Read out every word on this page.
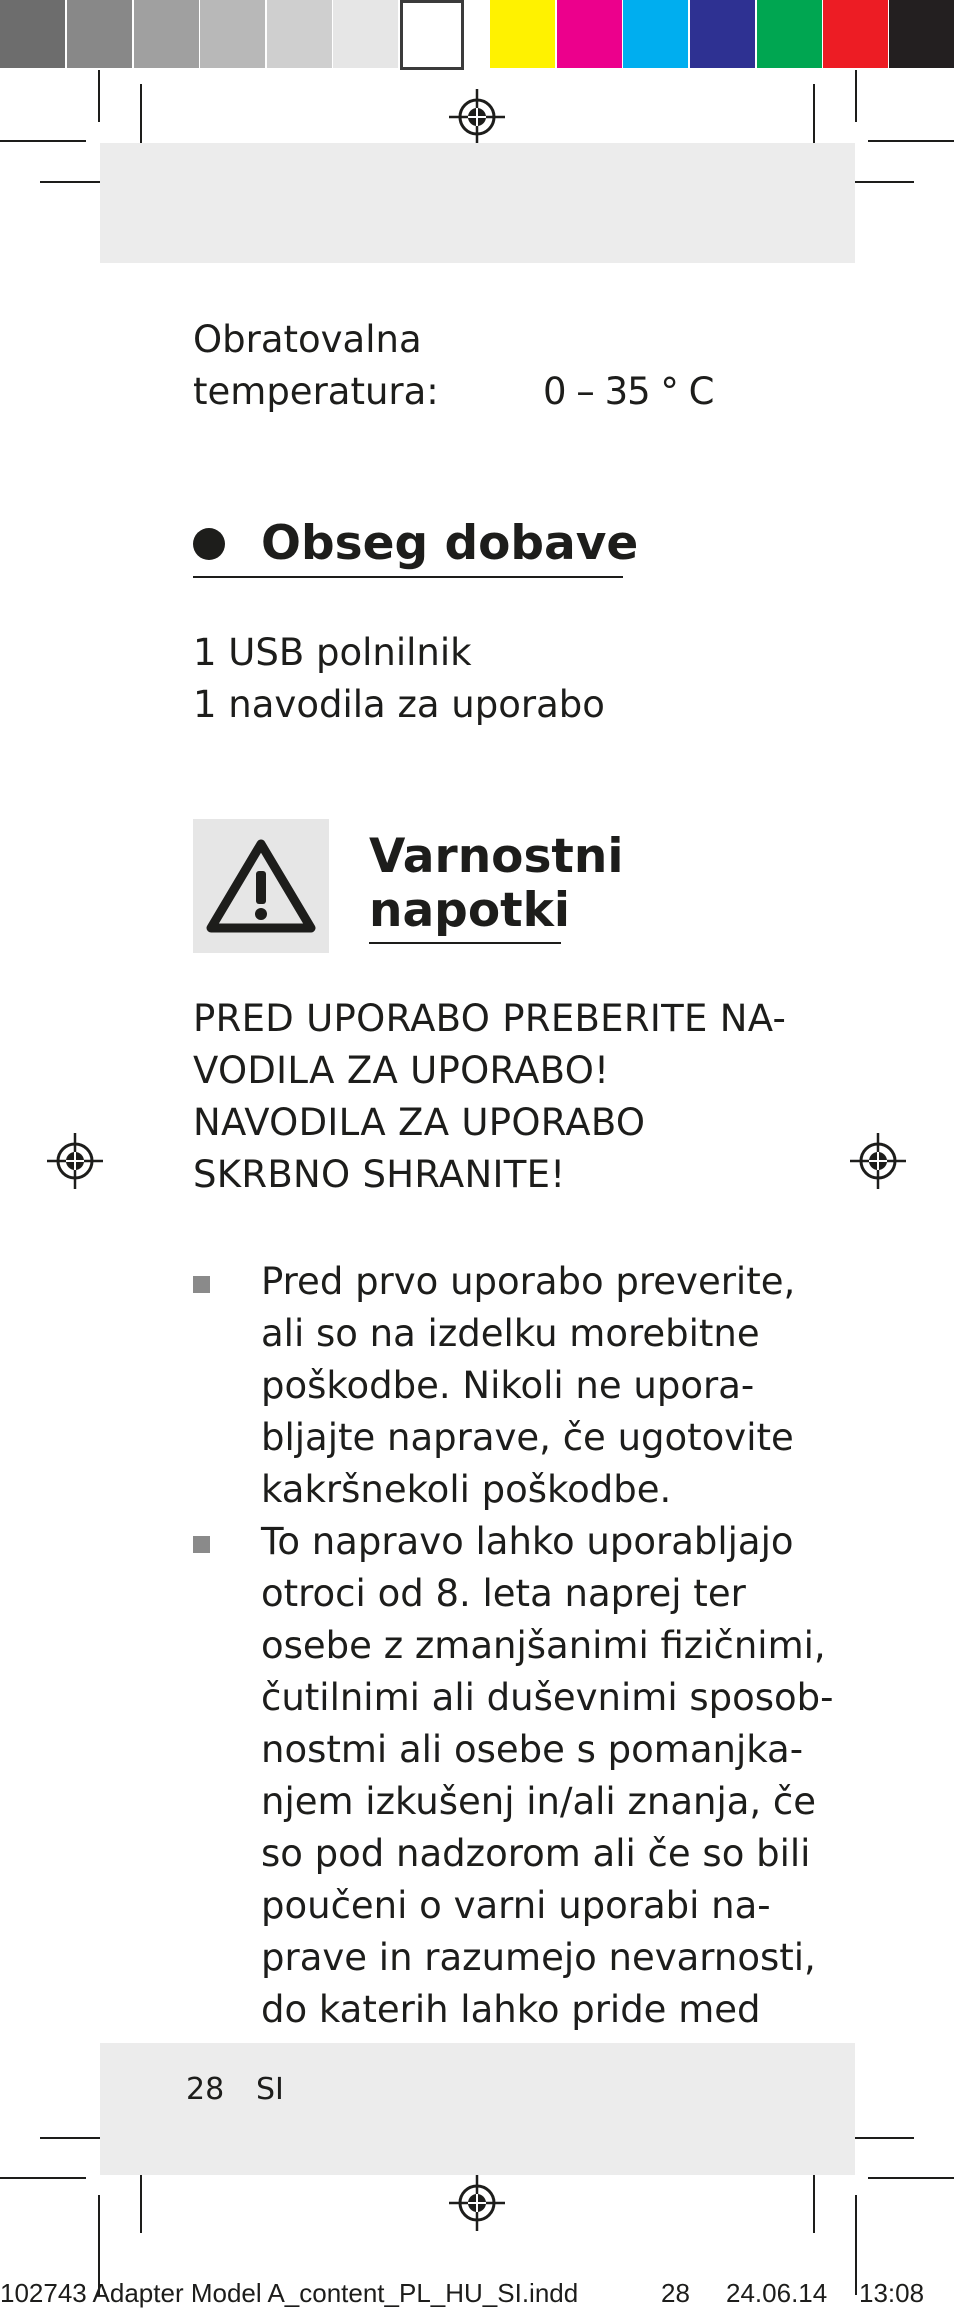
Obratovalna
temperatura:	0 – 35 ° C
Obseg dobave
1 USB polnilnik
1 navodila za uporabo
Varnostni
napotki
PRED UPORABO PREBERITE NA-
VODILA ZA UPORABO!
NAVODILA ZA UPORABO
SKRBNO SHRANITE!
Pred prvo uporabo preverite,
ali so na izdelku morebitne
poškodbe. Nikoli ne upora-
bljajte naprave, če ugotovite
kakršnekoli poškodbe.
To napravo lahko uporabljajo
otroci od 8. leta naprej ter
osebe z zmanjšanimi fizičnimi,
čutilnimi ali duševnimi sposob-
nostmi ali osebe s pomanjka-
njem izkušenj in/ali znanja, če
so pod nadzorom ali če so bili
poučeni o varni uporabi na-
prave in razumejo nevarnosti,
do katerih lahko pride med
28 SI
102743 Adapter Model A_content_PL_HU_SI.indd	28 24.06.14 13:08
